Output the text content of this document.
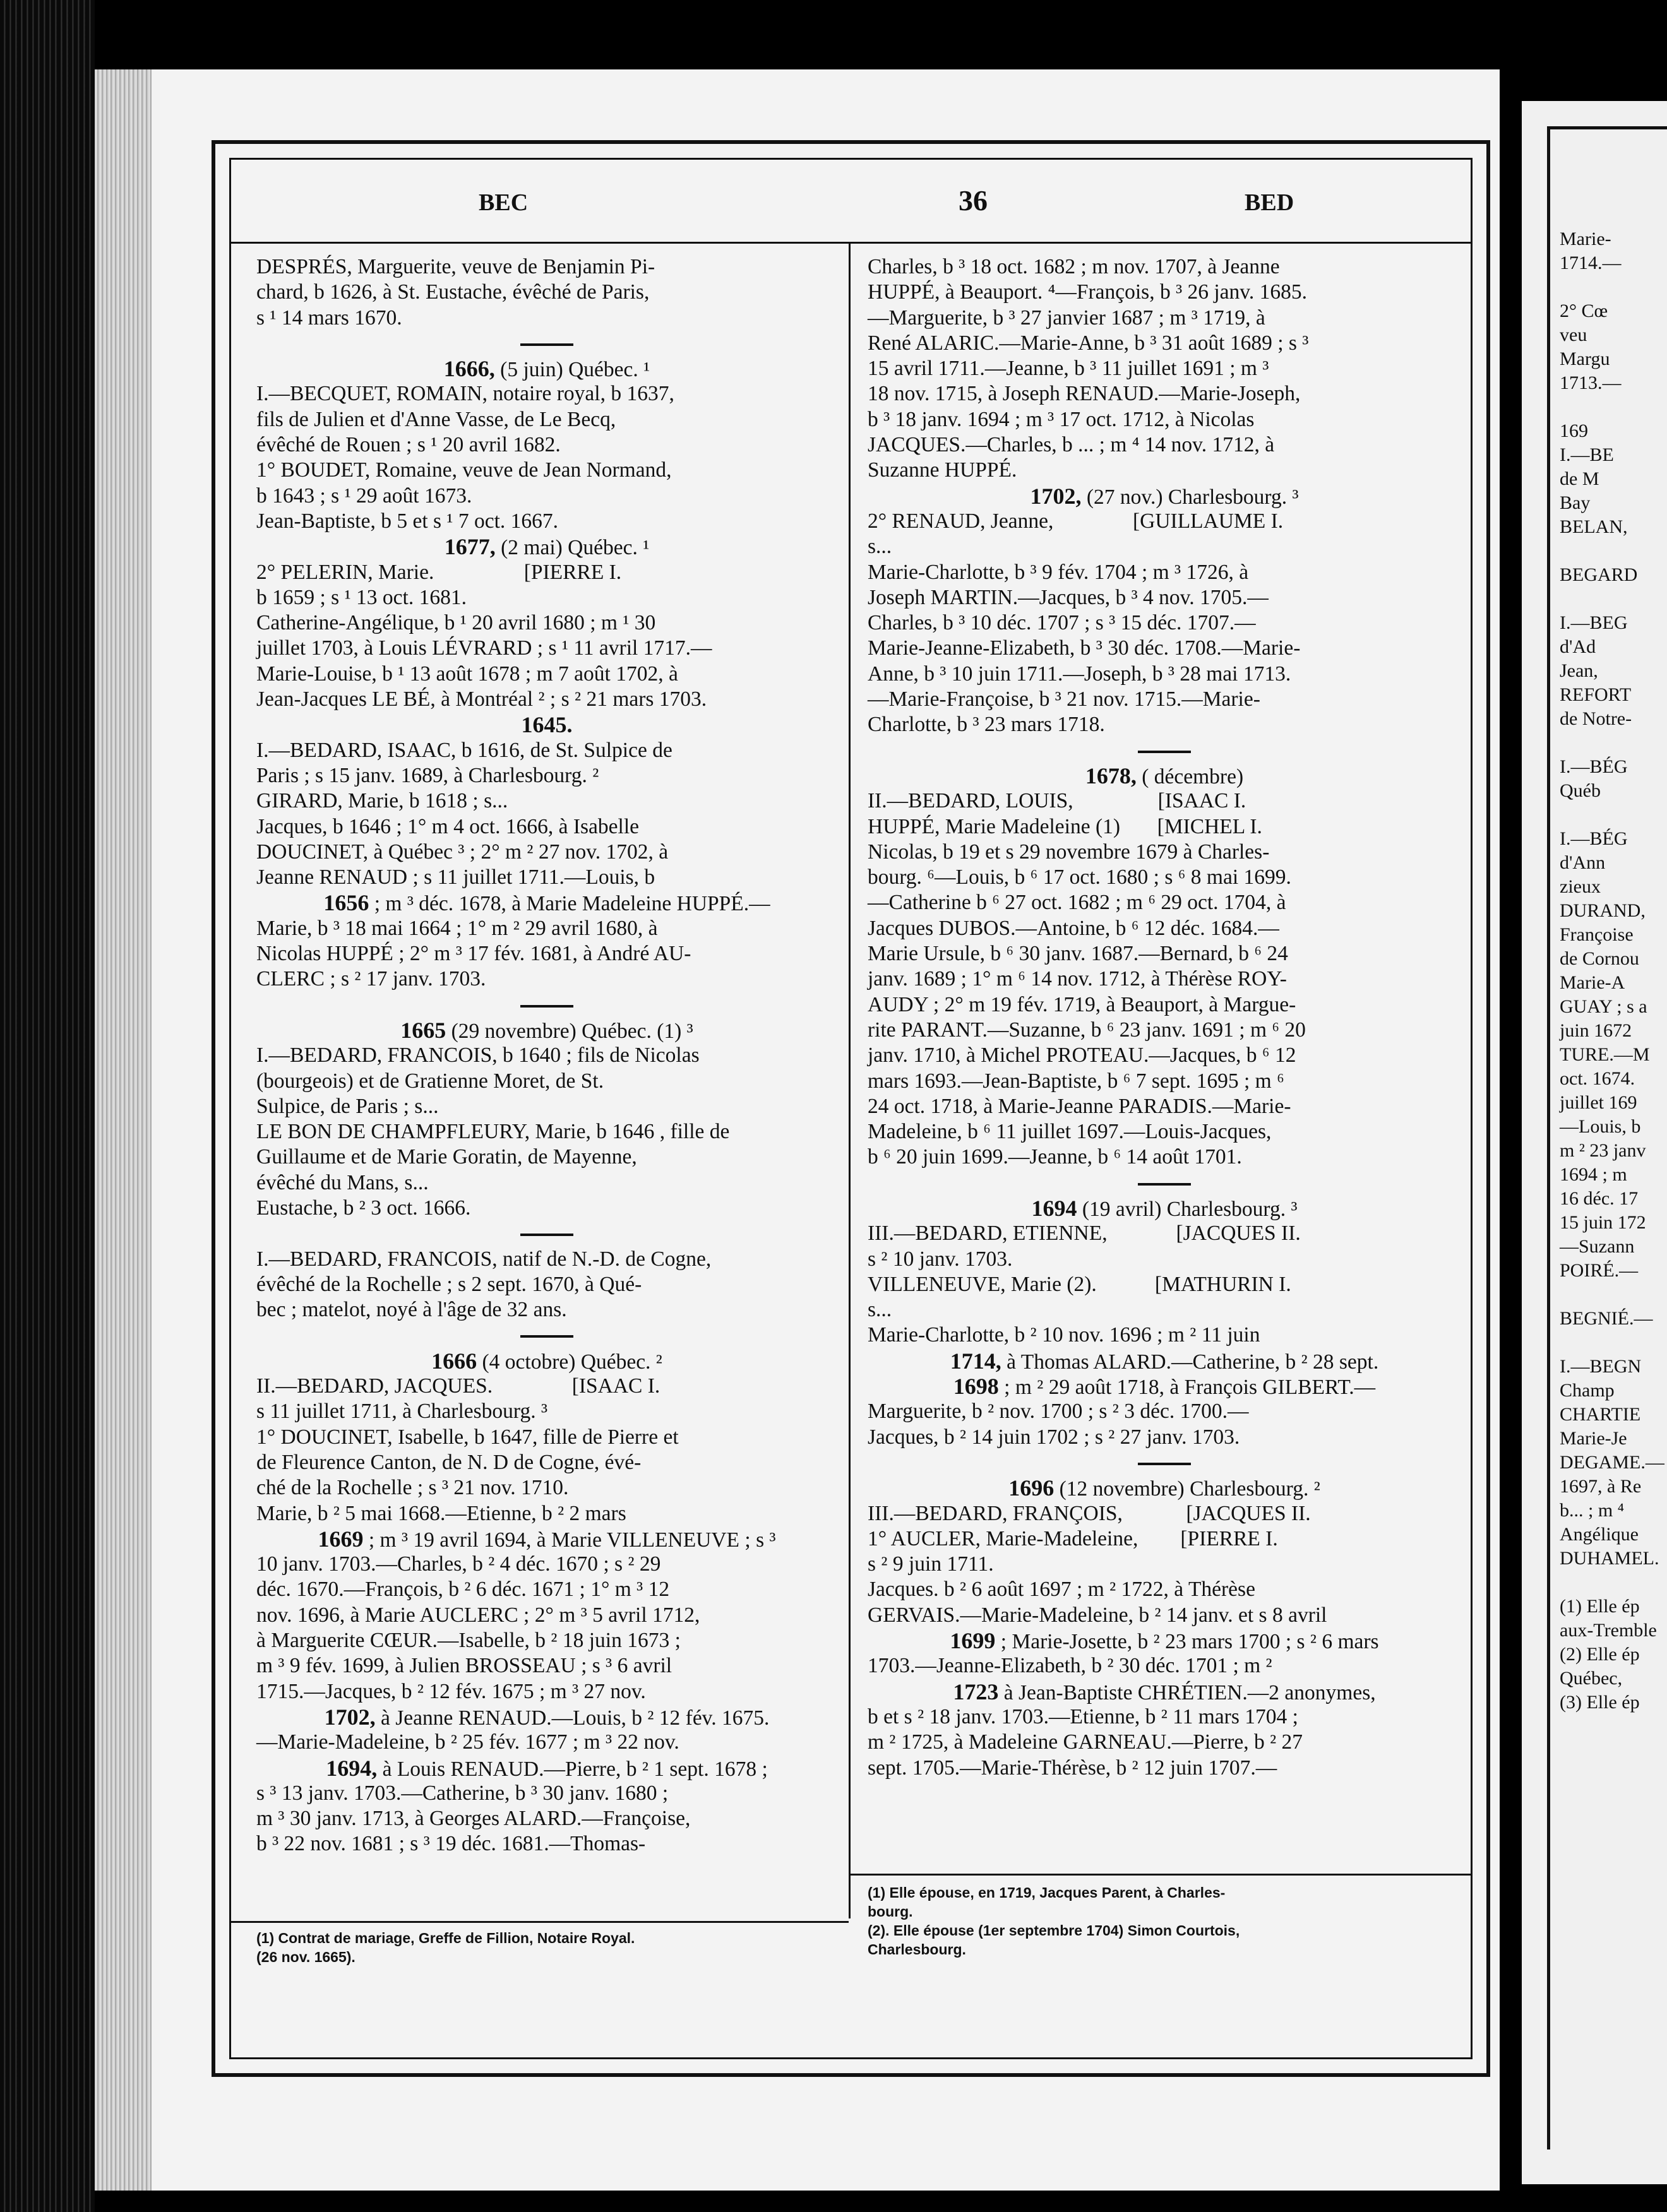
BEC	36	BED
DESPRÉS, Marguerite, veuve de Benjamin Pi-
chard, b 1626, à St. Eustache, évêché de Paris,
s ¹ 14 mars 1670.
1666, (5 juin) Québec. ¹
I.—BECQUET, ROMAIN, notaire royal, b 1637,
fils de Julien et d'Anne Vasse, de Le Becq,
évêché de Rouen ; s ¹ 20 avril 1682.
1° BOUDET, Romaine, veuve de Jean Normand,
b 1643 ; s ¹ 29 août 1673.
Jean-Baptiste, b 5 et s ¹ 7 oct. 1667.
1677, (2 mai) Québec. ¹
2° PELERIN, Marie.                 [PIERRE I.
b 1659 ; s ¹ 13 oct. 1681.
Catherine-Angélique, b ¹ 20 avril 1680 ; m ¹ 30
juillet 1703, à Louis LÉVRARD ; s ¹ 11 avril 1717.—
Marie-Louise, b ¹ 13 août 1678 ; m 7 août 1702, à
Jean-Jacques LE BÉ, à Montréal ² ; s ² 21 mars 1703.
1645.
I.—BEDARD, ISAAC, b 1616, de St. Sulpice de
Paris ; s 15 janv. 1689, à Charlesbourg. ²
GIRARD, Marie, b 1618 ; s...
Jacques, b 1646 ; 1° m 4 oct. 1666, à Isabelle
DOUCINET, à Québec ³ ; 2° m ² 27 nov. 1702, à
Jeanne RENAUD ; s 11 juillet 1711.—Louis, b
1656 ; m ³ déc. 1678, à Marie Madeleine HUPPÉ.—
Marie, b ³ 18 mai 1664 ; 1° m ² 29 avril 1680, à
Nicolas HUPPÉ ; 2° m ³ 17 fév. 1681, à André AU-
CLERC ; s ² 17 janv. 1703.
1665 (29 novembre) Québec. (1) ³
I.—BEDARD, FRANCOIS, b 1640 ; fils de Nicolas
(bourgeois) et de Gratienne Moret, de St.
Sulpice, de Paris ; s...
LE BON DE CHAMPFLEURY, Marie, b 1646 , fille de
Guillaume et de Marie Goratin, de Mayenne,
évêché du Mans, s...
Eustache, b ² 3 oct. 1666.
I.—BEDARD, FRANCOIS, natif de N.-D. de Cogne,
évêché de la Rochelle ; s 2 sept. 1670, à Qué-
bec ; matelot, noyé à l'âge de 32 ans.
1666 (4 octobre) Québec. ²
II.—BEDARD, JACQUES.               [ISAAC I.
s 11 juillet 1711, à Charlesbourg. ³
1° DOUCINET, Isabelle, b 1647, fille de Pierre et
de Fleurence Canton, de N. D de Cogne, évé-
ché de la Rochelle ; s ³ 21 nov. 1710.
Marie, b ² 5 mai 1668.—Etienne, b ² 2 mars
1669 ; m ³ 19 avril 1694, à Marie VILLENEUVE ; s ³
10 janv. 1703.—Charles, b ² 4 déc. 1670 ; s ² 29
déc. 1670.—François, b ² 6 déc. 1671 ; 1° m ³ 12
nov. 1696, à Marie AUCLERC ; 2° m ³ 5 avril 1712,
à Marguerite CŒUR.—Isabelle, b ² 18 juin 1673 ;
m ³ 9 fév. 1699, à Julien BROSSEAU ; s ³ 6 avril
1715.—Jacques, b ² 12 fév. 1675 ; m ³ 27 nov.
1702, à Jeanne RENAUD.—Louis, b ² 12 fév. 1675.
—Marie-Madeleine, b ² 25 fév. 1677 ; m ³ 22 nov.
1694, à Louis RENAUD.—Pierre, b ² 1 sept. 1678 ;
s ³ 13 janv. 1703.—Catherine, b ³ 30 janv. 1680 ;
m ³ 30 janv. 1713, à Georges ALARD.—Françoise,
b ³ 22 nov. 1681 ; s ³ 19 déc. 1681.—Thomas-
Charles, b ³ 18 oct. 1682 ; m nov. 1707, à Jeanne
HUPPÉ, à Beauport. ⁴—François, b ³ 26 janv. 1685.
—Marguerite, b ³ 27 janvier 1687 ; m ³ 1719, à
René ALARIC.—Marie-Anne, b ³ 31 août 1689 ; s ³
15 avril 1711.—Jeanne, b ³ 11 juillet 1691 ; m ³
18 nov. 1715, à Joseph RENAUD.—Marie-Joseph,
b ³ 18 janv. 1694 ; m ³ 17 oct. 1712, à Nicolas
JACQUES.—Charles, b ... ; m ⁴ 14 nov. 1712, à
Suzanne HUPPÉ.
1702, (27 nov.) Charlesbourg. ³
2° RENAUD, Jeanne,               [GUILLAUME I.
s...
Marie-Charlotte, b ³ 9 fév. 1704 ; m ³ 1726, à
Joseph MARTIN.—Jacques, b ³ 4 nov. 1705.—
Charles, b ³ 10 déc. 1707 ; s ³ 15 déc. 1707.—
Marie-Jeanne-Elizabeth, b ³ 30 déc. 1708.—Marie-
Anne, b ³ 10 juin 1711.—Joseph, b ³ 28 mai 1713.
—Marie-Françoise, b ³ 21 nov. 1715.—Marie-
Charlotte, b ³ 23 mars 1718.
1678, ( décembre)
II.—BEDARD, LOUIS,                [ISAAC I.
HUPPÉ, Marie Madeleine (1)       [MICHEL I.
Nicolas, b 19 et s 29 novembre 1679 à Charles-
bourg. ⁶—Louis, b ⁶ 17 oct. 1680 ; s ⁶ 8 mai 1699.
—Catherine b ⁶ 27 oct. 1682 ; m ⁶ 29 oct. 1704, à
Jacques DUBOS.—Antoine, b ⁶ 12 déc. 1684.—
Marie Ursule, b ⁶ 30 janv. 1687.—Bernard, b ⁶ 24
janv. 1689 ; 1° m ⁶ 14 nov. 1712, à Thérèse ROY-
AUDY ; 2° m 19 fév. 1719, à Beauport, à Margue-
rite PARANT.—Suzanne, b ⁶ 23 janv. 1691 ; m ⁶ 20
janv. 1710, à Michel PROTEAU.—Jacques, b ⁶ 12
mars 1693.—Jean-Baptiste, b ⁶ 7 sept. 1695 ; m ⁶
24 oct. 1718, à Marie-Jeanne PARADIS.—Marie-
Madeleine, b ⁶ 11 juillet 1697.—Louis-Jacques,
b ⁶ 20 juin 1699.—Jeanne, b ⁶ 14 août 1701.
1694 (19 avril) Charlesbourg. ³
III.—BEDARD, ETIENNE,             [JACQUES II.
s ² 10 janv. 1703.
VILLENEUVE, Marie (2).           [MATHURIN I.
s...
Marie-Charlotte, b ² 10 nov. 1696 ; m ² 11 juin
1714, à Thomas ALARD.—Catherine, b ² 28 sept.
1698 ; m ² 29 août 1718, à François GILBERT.—
Marguerite, b ² nov. 1700 ; s ² 3 déc. 1700.—
Jacques, b ² 14 juin 1702 ; s ² 27 janv. 1703.
1696 (12 novembre) Charlesbourg. ²
III.—BEDARD, FRANÇOIS,            [JACQUES II.
1° AUCLER, Marie-Madeleine,        [PIERRE I.
s ² 9 juin 1711.
Jacques. b ² 6 août 1697 ; m ² 1722, à Thérèse
GERVAIS.—Marie-Madeleine, b ² 14 janv. et s 8 avril
1699 ; Marie-Josette, b ² 23 mars 1700 ; s ² 6 mars
1703.—Jeanne-Elizabeth, b ² 30 déc. 1701 ; m ²
1723 à Jean-Baptiste CHRÉTIEN.—2 anonymes,
b et s ² 18 janv. 1703.—Etienne, b ² 11 mars 1704 ;
m ² 1725, à Madeleine GARNEAU.—Pierre, b ² 27
sept. 1705.—Marie-Thérèse, b ² 12 juin 1707.—
(1) Contrat de mariage, Greffe de Fillion, Notaire Royal.
(26 nov. 1665).
(1) Elle épouse, en 1719, Jacques Parent, à Charles-
bourg.
(2). Elle épouse (1er septembre 1704) Simon Courtois,
Charlesbourg.
Marie-
1714.—

2° Cœ
veu
Margu
1713.—

169
I.—BE
de M
Bay
BELAN,

BEGARD

I.—BEG
d'Ad
Jean,
REFORT
de Notre-

I.—BÉG
Québ

I.—BÉG
d'Ann
zieux
DURAND,
Françoise
de Cornou
Marie-A
GUAY ; s a
juin 1672
TURE.—M
oct. 1674.
juillet 169
—Louis, b
m ² 23 janv
1694 ; m
16 déc. 17
15 juin 172
—Suzann
POIRÉ.—

BEGNIÉ.—

I.—BEGN
Champ
CHARTIE
Marie-Je
DEGAME.—
1697, à Re
b... ; m ⁴
Angélique
DUHAMEL.

(1) Elle ép
aux-Tremble
(2) Elle ép
Québec,
(3) Elle ép
